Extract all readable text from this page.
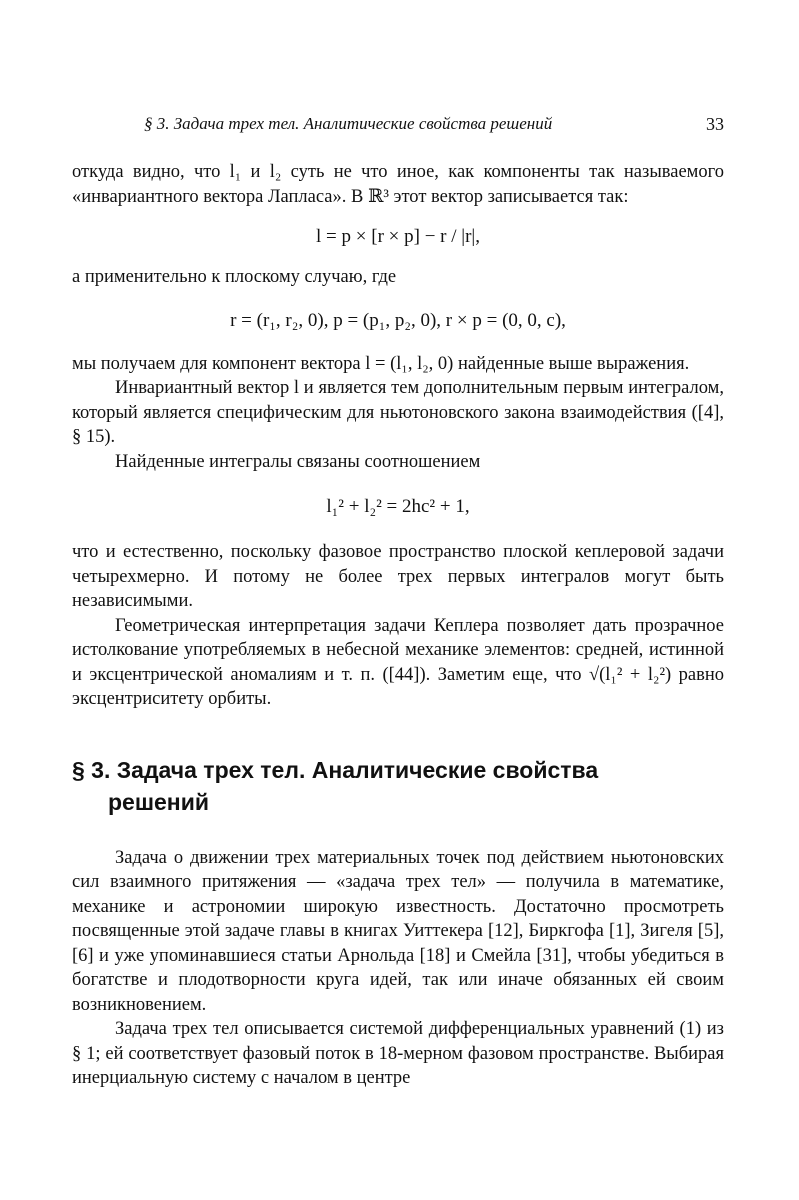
§ 3. Задача трех тел. Аналитические свойства решений	33

откуда видно, что l₁ и l₂ суть не что иное, как компоненты так называемого «инвариантного вектора Лапласа». В ℝ³ этот вектор записывается так:

l = p × [r × p] − r / |r|,

а применительно к плоскому случаю, где

r = (r₁, r₂, 0), p = (p₁, p₂, 0), r × p = (0, 0, c),

мы получаем для компонент вектора l = (l₁, l₂, 0) найденные выше выражения.

Инвариантный вектор l и является тем дополнительным первым интегралом, который является специфическим для ньютоновского закона взаимодействия ([4], § 15).

Найденные интегралы связаны соотношением

l₁² + l₂² = 2hc² + 1,

что и естественно, поскольку фазовое пространство плоской кеплеровой задачи четырехмерно. И потому не более трех первых интегралов могут быть независимыми.

Геометрическая интерпретация задачи Кеплера позволяет дать прозрачное истолкование употребляемых в небесной механике элементов: средней, истинной и эксцентрической аномалиям и т. п. ([44]). Заметим еще, что √(l₁² + l₂²) равно эксцентриситету орбиты.

§ 3. Задача трех тел. Аналитические свойства
решений

Задача о движении трех материальных точек под действием ньютоновских сил взаимного притяжения — «задача трех тел» — получила в математике, механике и астрономии широкую известность. Достаточно просмотреть посвященные этой задаче главы в книгах Уиттекера [12], Биркгофа [1], Зигеля [5], [6] и уже упоминавшиеся статьи Арнольда [18] и Смейла [31], чтобы убедиться в богатстве и плодотворности круга идей, так или иначе обязанных ей своим возникновением.

Задача трех тел описывается системой дифференциальных уравнений (1) из § 1; ей соответствует фазовый поток в 18-мерном фазовом пространстве. Выбирая инерциальную систему с началом в центре
